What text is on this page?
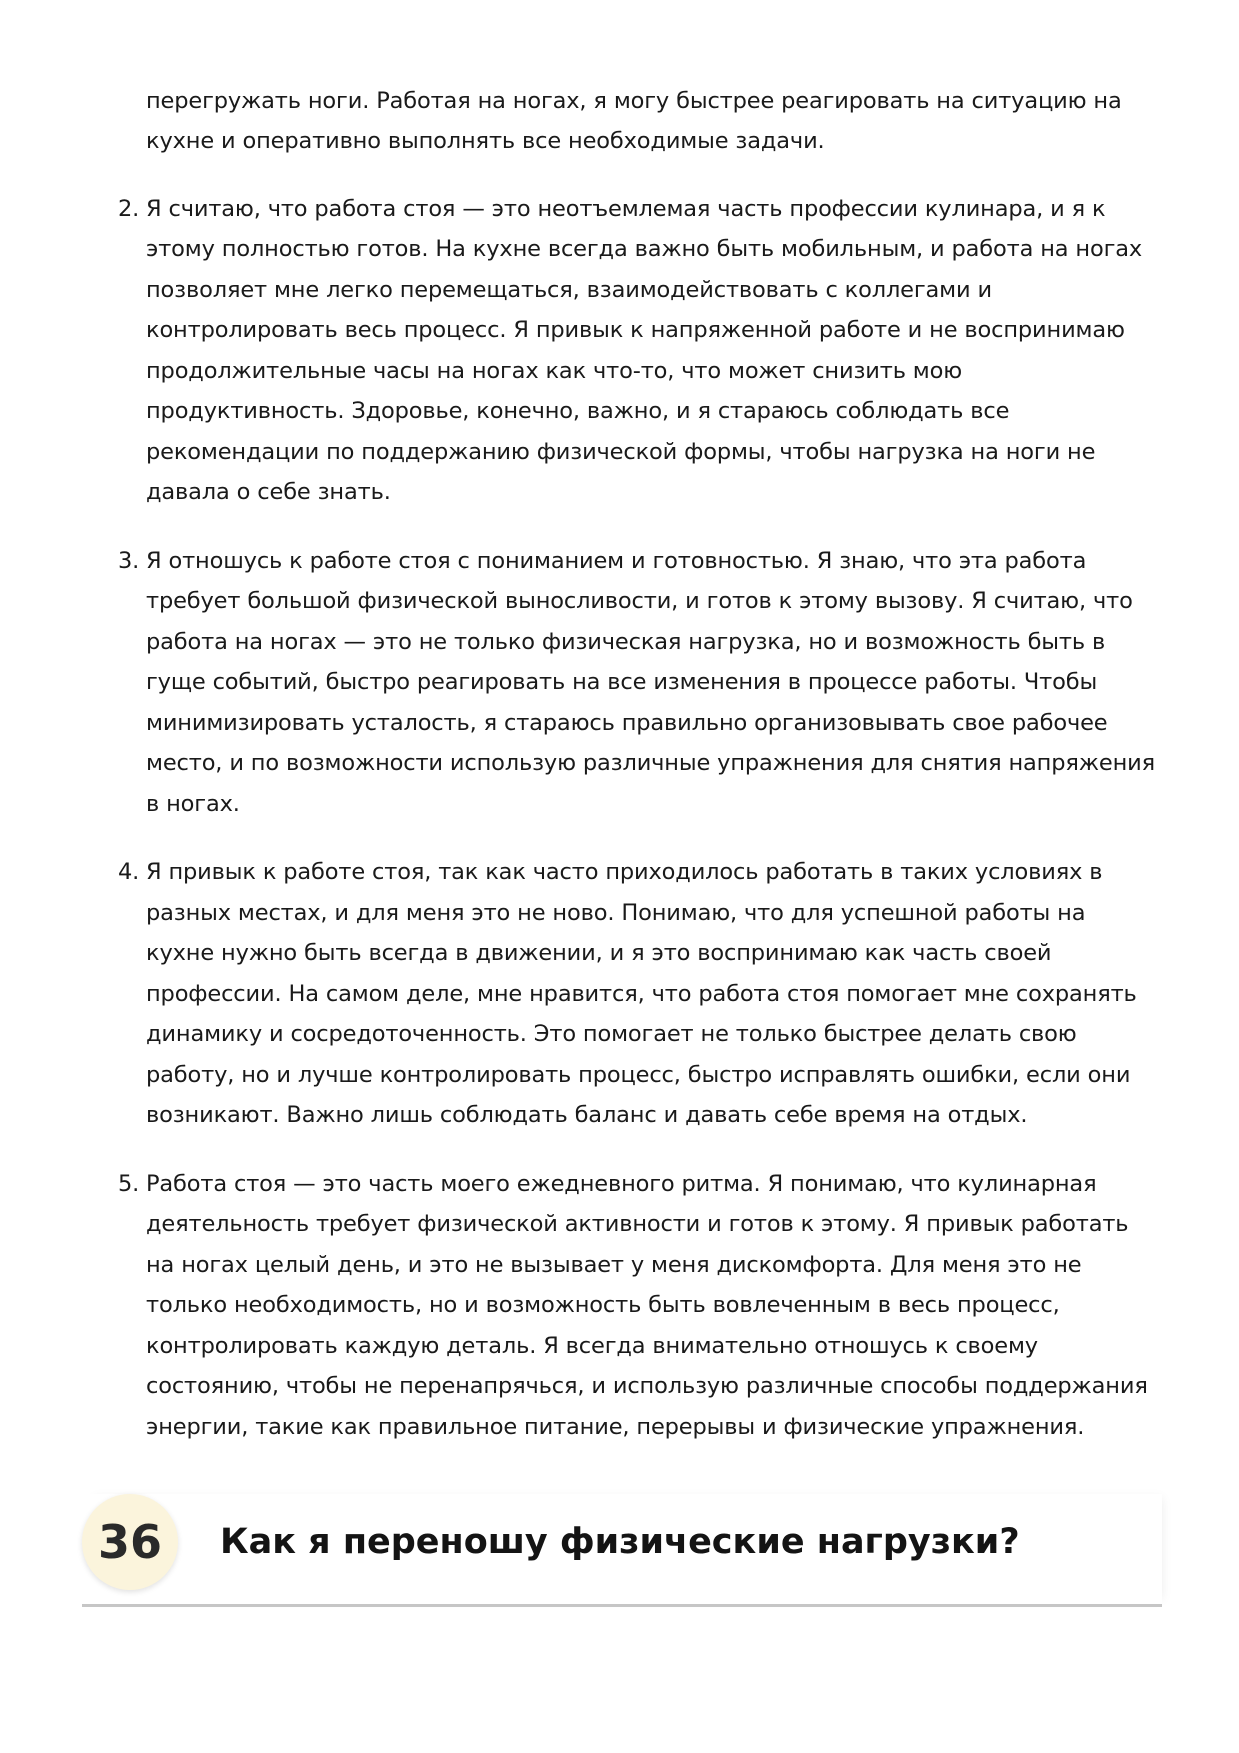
перегружать ноги. Работая на ногах, я могу быстрее реагировать на ситуацию на кухне и оперативно выполнять все необходимые задачи.

2. Я считаю, что работа стоя — это неотъемлемая часть профессии кулинара, и я к этому полностью готов. На кухне всегда важно быть мобильным, и работа на ногах позволяет мне легко перемещаться, взаимодействовать с коллегами и контролировать весь процесс. Я привык к напряженной работе и не воспринимаю продолжительные часы на ногах как что-то, что может снизить мою продуктивность. Здоровье, конечно, важно, и я стараюсь соблюдать все рекомендации по поддержанию физической формы, чтобы нагрузка на ноги не давала о себе знать.
3. Я отношусь к работе стоя с пониманием и готовностью. Я знаю, что эта работа требует большой физической выносливости, и готов к этому вызову. Я считаю, что работа на ногах — это не только физическая нагрузка, но и возможность быть в гуще событий, быстро реагировать на все изменения в процессе работы. Чтобы минимизировать усталость, я стараюсь правильно организовывать свое рабочее место, и по возможности использую различные упражнения для снятия напряжения в ногах.
4. Я привык к работе стоя, так как часто приходилось работать в таких условиях в разных местах, и для меня это не ново. Понимаю, что для успешной работы на кухне нужно быть всегда в движении, и я это воспринимаю как часть своей профессии. На самом деле, мне нравится, что работа стоя помогает мне сохранять динамику и сосредоточенность. Это помогает не только быстрее делать свою работу, но и лучше контролировать процесс, быстро исправлять ошибки, если они возникают. Важно лишь соблюдать баланс и давать себе время на отдых.
5. Работа стоя — это часть моего ежедневного ритма. Я понимаю, что кулинарная деятельность требует физической активности и готов к этому. Я привык работать на ногах целый день, и это не вызывает у меня дискомфорта. Для меня это не только необходимость, но и возможность быть вовлеченным в весь процесс, контролировать каждую деталь. Я всегда внимательно отношусь к своему состоянию, чтобы не перенапрячься, и использую различные способы поддержания энергии, такие как правильное питание, перерывы и физические упражнения.
36	Как я переношу физические нагрузки?
